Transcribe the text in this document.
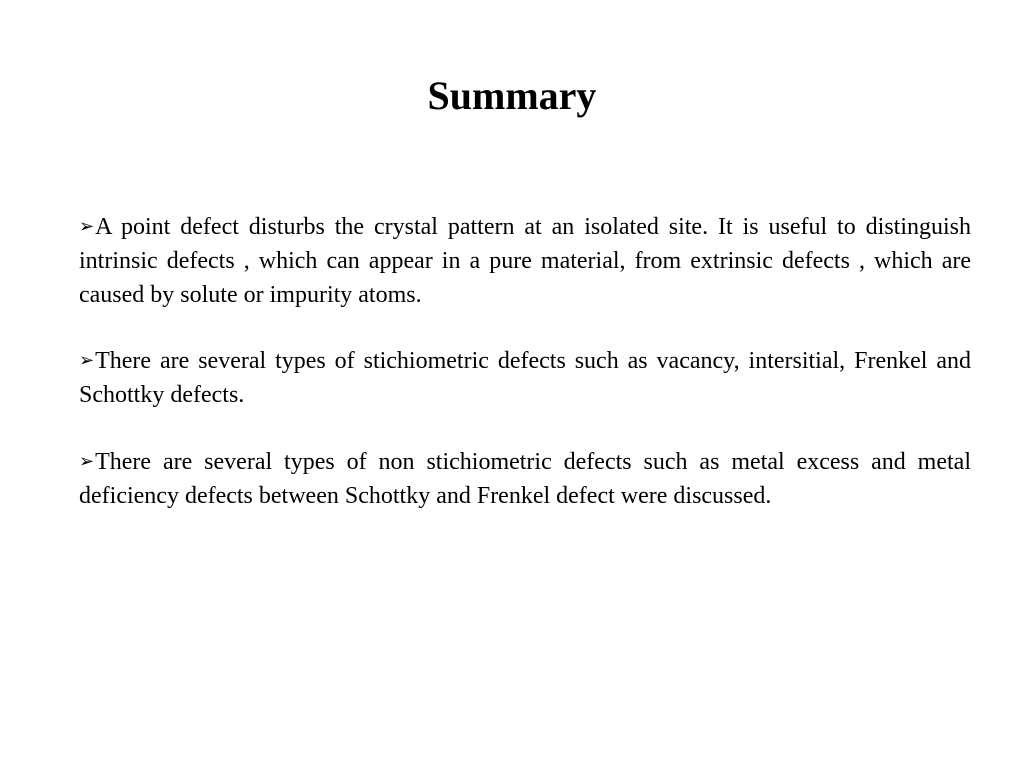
Summary
➢A point defect disturbs the crystal pattern at an isolated site. It is useful to distinguish intrinsic defects , which can appear in a pure material, from extrinsic defects , which are caused by solute or impurity atoms.
➢There are several types of stichiometric defects such as vacancy, intersitial, Frenkel and Schottky defects.
➢There are several types of non stichiometric defects such as metal excess and metal deficiency defects between Schottky and Frenkel defect were discussed.
